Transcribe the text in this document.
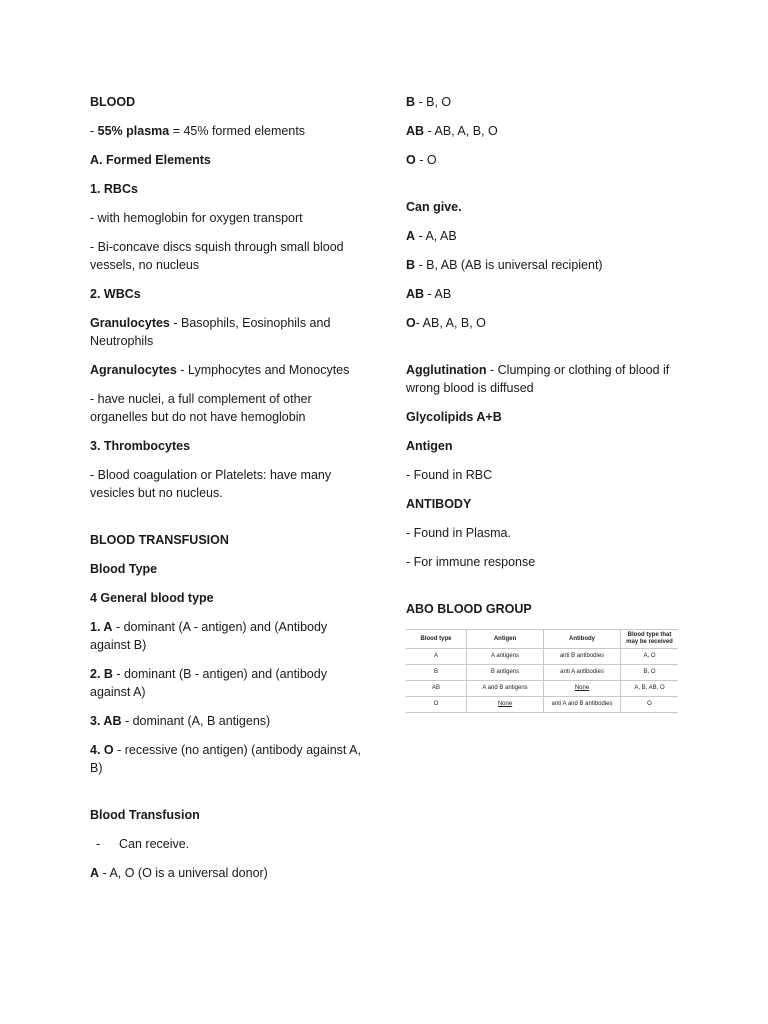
BLOOD

- 55% plasma = 45% formed elements

A. Formed Elements

1. RBCs

- with hemoglobin for oxygen transport

- Bi-concave discs squish through small blood vessels, no nucleus

2. WBCs

Granulocytes - Basophils, Eosinophils and Neutrophils

Agranulocytes - Lymphocytes and Monocytes

- have nuclei, a full complement of other organelles but do not have hemoglobin

3. Thrombocytes

- Blood coagulation or Platelets: have many vesicles but no nucleus.

BLOOD TRANSFUSION

Blood Type

4 General blood type

1. A - dominant (A - antigen) and (Antibody against B)

2. B - dominant (B - antigen) and (antibody against A)

3. AB - dominant (A, B antigens)

4. O - recessive (no antigen) (antibody against A, B)

Blood Transfusion

-	Can receive.

A - A, O (O is a universal donor)

B - B, O

AB - AB, A, B, O

O - O

Can give.

A - A, AB

B - B, AB (AB is universal recipient)

AB - AB

O- AB, A, B, O

Agglutination - Clumping or clothing of blood if wrong blood is diffused

Glycolipids A+B

Antigen

- Found in RBC

ANTIBODY

- Found in Plasma.

- For immune response

ABO BLOOD GROUP

Blood type	Antigen	Antibody	Blood type that may be received
A	A antigens	anti B antibodies	A, O
B	B antigens	anti A antibodies	B, O
AB	A and B antigens	None	A, B, AB, O
O	None	anti A and B antibodies	O
